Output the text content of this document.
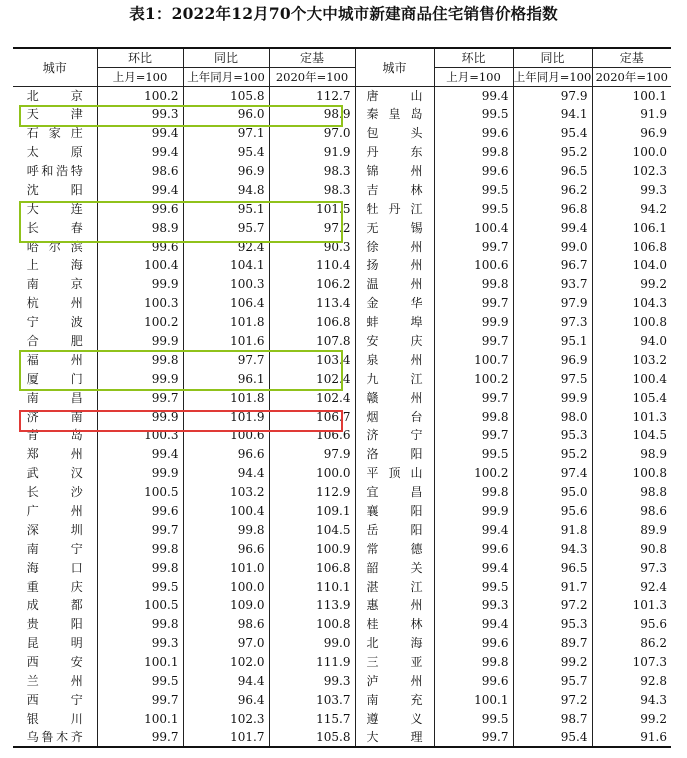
表1：2022年12月70个大中城市新建商品住宅销售价格指数
城市	环比	同比	定基	城市	环比	同比	定基
	上月=100	上年同月=100	2020年=100		上月=100	上年同月=100	2020年=100
北京	100.2	105.8	112.7	唐山	99.4	97.9	100.1
天津	99.3	96.0	98.9	秦皇岛	99.5	94.1	91.9
石家庄	99.4	97.1	97.0	包头	99.6	95.4	96.9
太原	99.4	95.4	91.9	丹东	99.8	95.2	100.0
呼和浩特	98.6	96.9	98.3	锦州	99.6	96.5	102.3
沈阳	99.4	94.8	98.3	吉林	99.5	96.2	99.3
大连	99.6	95.1	101.5	牡丹江	99.5	96.8	94.2
长春	98.9	95.7	97.2	无锡	100.4	99.4	106.1
哈尔滨	99.6	92.4	90.3	徐州	99.7	99.0	106.8
上海	100.4	104.1	110.4	扬州	100.6	96.7	104.0
南京	99.9	100.3	106.2	温州	99.8	93.7	99.2
杭州	100.3	106.4	113.4	金华	99.7	97.9	104.3
宁波	100.2	101.8	106.8	蚌埠	99.9	97.3	100.8
合肥	99.9	101.6	107.8	安庆	99.7	95.1	94.0
福州	99.8	97.7	103.4	泉州	100.7	96.9	103.2
厦门	99.9	96.1	102.4	九江	100.2	97.5	100.4
南昌	99.7	101.8	102.4	赣州	99.7	99.9	105.4
济南	99.9	101.9	106.7	烟台	99.8	98.0	101.3
青岛	100.3	100.6	106.6	济宁	99.7	95.3	104.5
郑州	99.4	96.6	97.9	洛阳	99.5	95.2	98.9
武汉	99.9	94.4	100.0	平顶山	100.2	97.4	100.8
长沙	100.5	103.2	112.9	宜昌	99.8	95.0	98.8
广州	99.6	100.4	109.1	襄阳	99.9	95.6	98.6
深圳	99.7	99.8	104.5	岳阳	99.4	91.8	89.9
南宁	99.8	96.6	100.9	常德	99.6	94.3	90.8
海口	99.8	101.0	106.8	韶关	99.4	96.5	97.3
重庆	99.5	100.0	110.1	湛江	99.5	91.7	92.4
成都	100.5	109.0	113.9	惠州	99.3	97.2	101.3
贵阳	99.8	98.6	100.8	桂林	99.4	95.3	95.6
昆明	99.3	97.0	99.0	北海	99.6	89.7	86.2
西安	100.1	102.0	111.9	三亚	99.8	99.2	107.3
兰州	99.5	94.4	99.3	泸州	99.6	95.7	92.8
西宁	99.7	96.4	103.7	南充	100.1	97.2	94.3
银川	100.1	102.3	115.7	遵义	99.5	98.7	99.2
乌鲁木齐	99.7	101.7	105.8	大理	99.7	95.4	91.6
